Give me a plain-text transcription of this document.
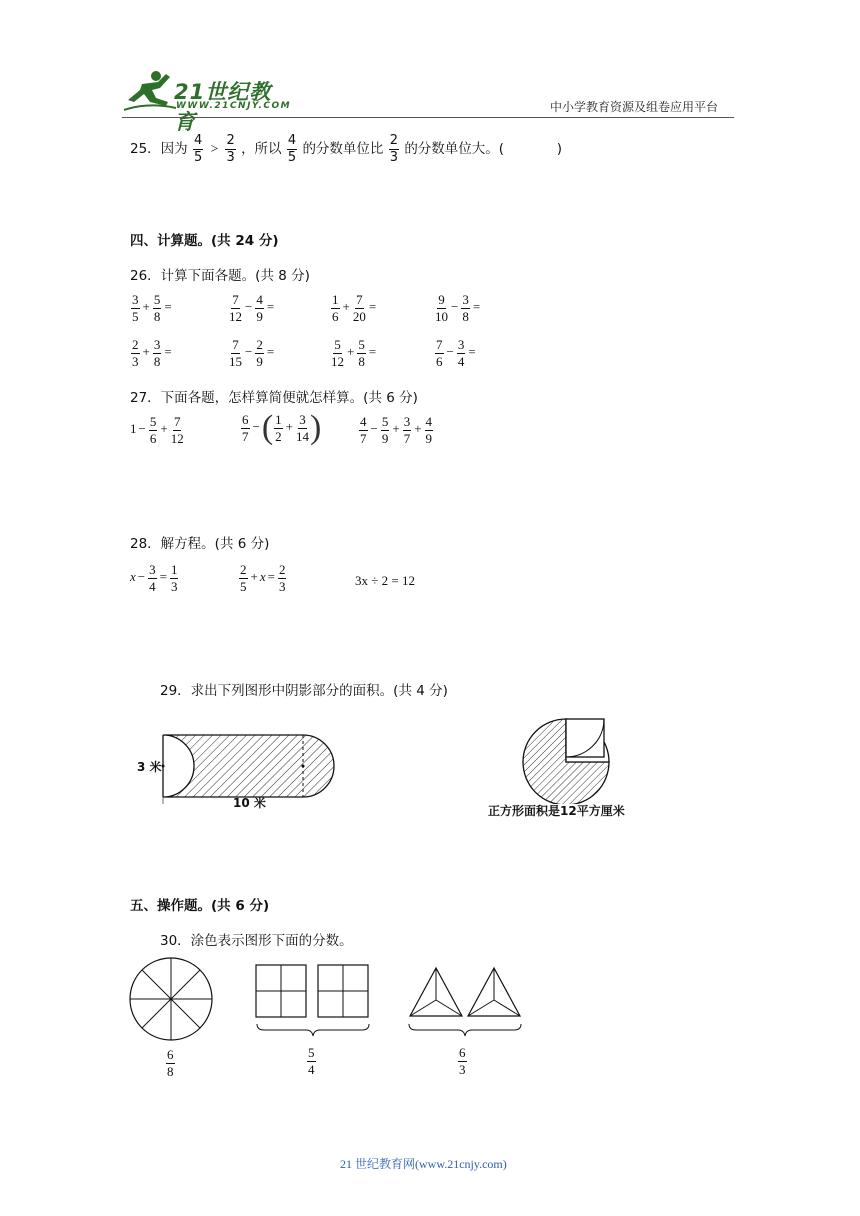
21世纪教育
WWW.21CNJY.COM	中小学教育资源及组卷应用平台
25．因为 $\frac{4}{5} > \frac{2}{3}$ ，所以 $\frac{4}{5}$ 的分数单位比 $\frac{2}{3}$ 的分数单位大。(	)
四、计算题。(共 24 分)
26．计算下面各题。(共 8 分)
$\frac{3}{5} + \frac{5}{8}$ =	$\frac{7}{12} - \frac{4}{9}$ =	$\frac{1}{6} + \frac{7}{20}$ =	$\frac{9}{10} - \frac{3}{8}$ =
$\frac{2}{3} + \frac{3}{8}$ =	$\frac{7}{15} - \frac{2}{9}$ =	$\frac{5}{12} + \frac{5}{8}$ =	$\frac{7}{6} - \frac{3}{4}$ =
27．下面各题，怎样算简便就怎样算。(共 6 分)
$1 - \frac{5}{6} + \frac{7}{12}$	$\frac{6}{7}$ −( $\frac{1}{2} + \frac{3}{14}$ )	$\frac{4}{7} - \frac{5}{9} + \frac{3}{7} + \frac{4}{9}$
28．解方程。(共 6 分)
$x - \frac{3}{4} = \frac{1}{3}$	$\frac{2}{5} + x = \frac{2}{3}$	3x ÷ 2 = 12
29．求出下列图形中阴影部分的面积。(共 4 分)
3 米
10 米
正方形面积是12平方厘米
五、操作题。(共 6 分)
30．涂色表示图形下面的分数。
$\frac{6}{8}$	$\frac{5}{4}$	$\frac{6}{3}$
21 世纪教育网(www.21cnjy.com)
